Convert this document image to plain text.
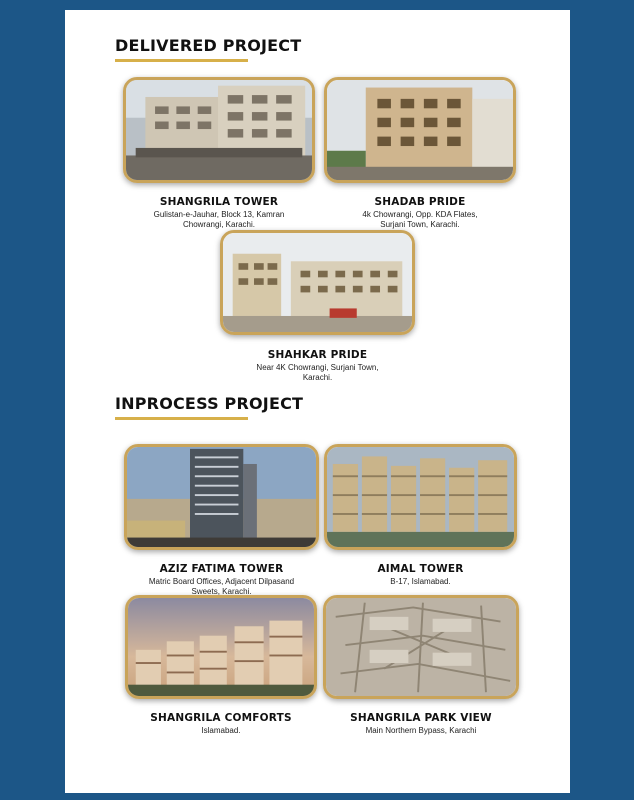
DELIVERED PROJECT
SHANGRILA TOWER
Gulistan-e-Jauhar, Block 13, Kamran
Chowrangi, Karachi.
SHADAB PRIDE
4k Chowrangi, Opp. KDA Flates,
Surjani Town, Karachi.
SHAHKAR PRIDE
Near 4K Chowrangi, Surjani Town,
Karachi.
INPROCESS PROJECT
AZIZ FATIMA TOWER
Matric Board Offices, Adjacent Dilpasand
Sweets, Karachi.
AIMAL TOWER
B-17, Islamabad.
SHANGRILA COMFORTS
Islamabad.
SHANGRILA PARK VIEW
Main Northern Bypass, Karachi
